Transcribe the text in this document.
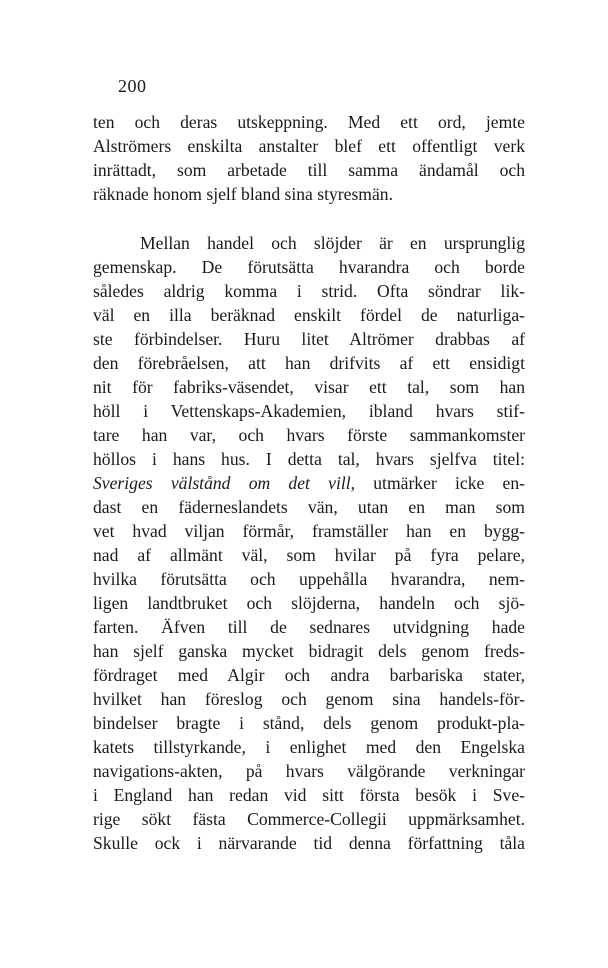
200
ten och deras utskeppning. Med ett ord, jemte
Alströmers enskilta anstalter blef ett offentligt verk
inrättadt, som arbetade till samma ändamål och
räknade honom sjelf bland sina styresmän.
Mellan handel och slöjder är en ursprunglig
gemenskap. De förutsätta hvarandra och borde
således aldrig komma i strid. Ofta söndrar lik-
väl en illa beräknad enskilt fördel de naturliga-
ste förbindelser. Huru litet Altrömer drabbas af
den förebråelsen, att han drifvits af ett ensidigt
nit för fabriks-väsendet, visar ett tal, som han
höll i Vettenskaps-Akademien, ibland hvars stif-
tare han var, och hvars förste sammankomster
höllos i hans hus. I detta tal, hvars sjelfva titel:
Sveriges välstånd om det vill, utmärker icke en-
dast en fäderneslandets vän, utan en man som
vet hvad viljan förmår, framställer han en bygg-
nad af allmänt väl, som hvilar på fyra pelare,
hvilka förutsätta och uppehålla hvarandra, nem-
ligen landtbruket och slöjderna, handeln och sjö-
farten. Äfven till de sednares utvidgning hade
han sjelf ganska mycket bidragit dels genom freds-
fördraget med Algir och andra barbariska stater,
hvilket han föreslog och genom sina handels-för-
bindelser bragte i stånd, dels genom produkt-pla-
katets tillstyrkande, i enlighet med den Engelska
navigations-akten, på hvars välgörande verkningar
i England han redan vid sitt första besök i Sve-
rige sökt fästa Commerce-Collegii uppmärksamhet.
Skulle ock i närvarande tid denna författning tåla
